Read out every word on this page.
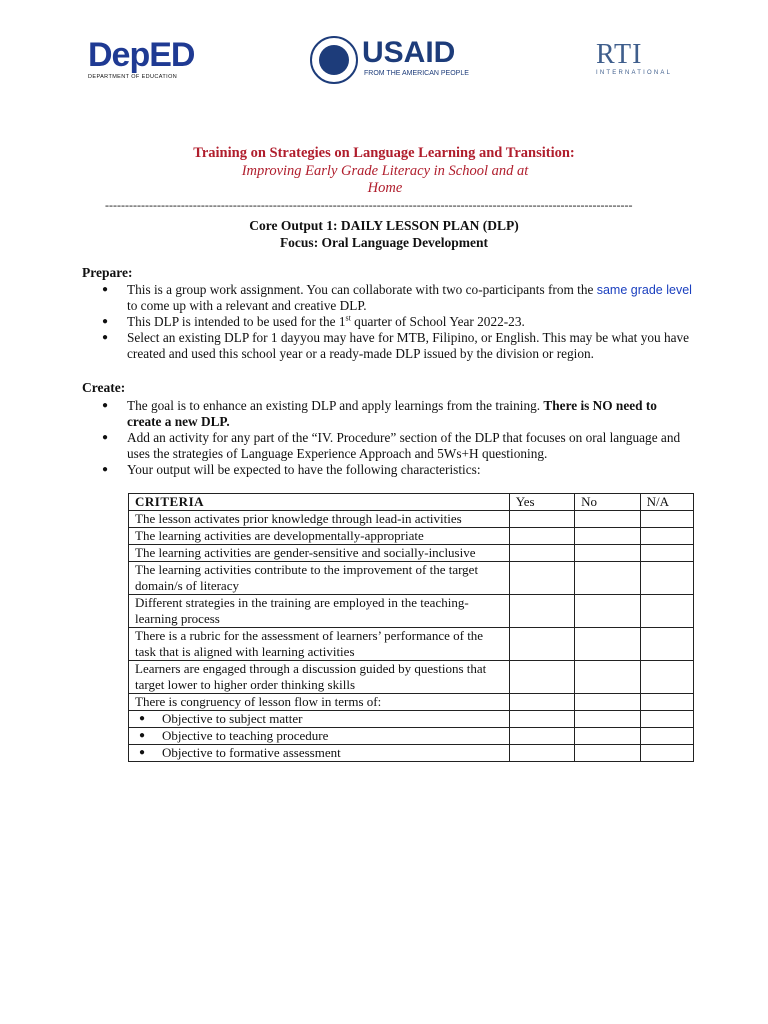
DepED
DEPARTMENT OF EDUCATION
USAID
FROM THE AMERICAN PEOPLE
RTI
INTERNATIONAL
Training on Strategies on Language Learning and Transition:
Improving Early Grade Literacy in School and at Home
------------------------------------------------------------------------------------------------------------------------------------
Core Output 1: DAILY LESSON PLAN (DLP)
Focus: Oral Language Development
Prepare:
● This is a group work assignment. You can collaborate with two co-participants from the same grade level to come up with a relevant and creative DLP.
● This DLP is intended to be used for the 1st quarter of School Year 2022-23.
● Select an existing DLP for 1 dayyou may have for MTB, Filipino, or English. This may be what you have created and used this school year or a ready-made DLP issued by the division or region.
Create:
● The goal is to enhance an existing DLP and apply learnings from the training. There is NO need to create a new DLP.
● Add an activity for any part of the “IV. Procedure” section of the DLP that focuses on oral language and uses the strategies of Language Experience Approach and 5Ws+H questioning.
● Your output will be expected to have the following characteristics:
CRITERIA	Yes	No	N/A
The lesson activates prior knowledge through lead-in activities			
The learning activities are developmentally-appropriate			
The learning activities are gender-sensitive and socially-inclusive			
The learning activities contribute to the improvement of the target domain/s of literacy			
Different strategies in the training are employed in the teaching-learning process			
There is a rubric for the assessment of learners’ performance of the task that is aligned with learning activities			
Learners are engaged through a discussion guided by questions that target lower to higher order thinking skills			
There is congruency of lesson flow in terms of:			

● Objective to subject matter

● Objective to teaching procedure

● Objective to formative assessment
